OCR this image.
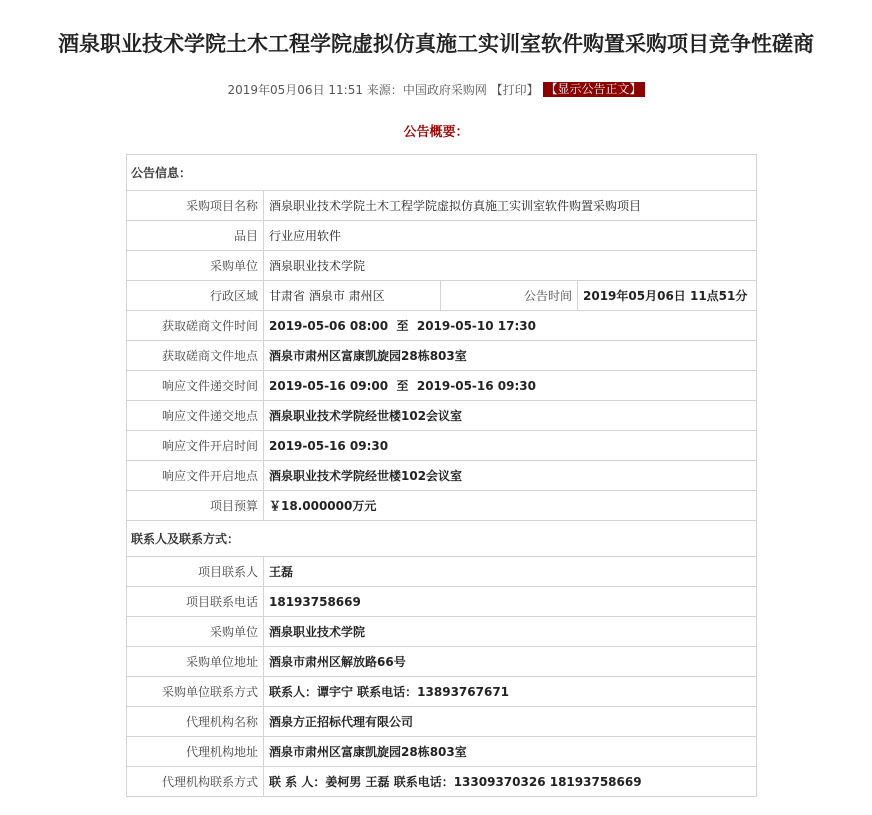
酒泉职业技术学院土木工程学院虚拟仿真施工实训室软件购置采购项目竞争性磋商
2019年05月06日 11:51 来源：中国政府采购网 【打印】 【显示公告正文】
公告概要：
公告信息：			
采购项目名称	酒泉职业技术学院土木工程学院虚拟仿真施工实训室软件购置采购项目		
品目	行业应用软件		
采购单位	酒泉职业技术学院		
行政区域	甘肃省 酒泉市 肃州区	公告时间	2019年05月06日 11点51分
获取磋商文件时间	2019-05-06 08:00  至  2019-05-10 17:30		
获取磋商文件地点	酒泉市肃州区富康凯旋园28栋803室		
响应文件递交时间	2019-05-16 09:00  至  2019-05-16 09:30		
响应文件递交地点	酒泉职业技术学院经世楼102会议室		
响应文件开启时间	2019-05-16 09:30		
响应文件开启地点	酒泉职业技术学院经世楼102会议室		
项目预算	￥18.000000万元		
联系人及联系方式：			
项目联系人	王磊		
项目联系电话	18193758669		
采购单位	酒泉职业技术学院		
采购单位地址	酒泉市肃州区解放路66号		
采购单位联系方式	联系人：谭宇宁 联系电话：13893767671		
代理机构名称	酒泉方正招标代理有限公司		
代理机构地址	酒泉市肃州区富康凯旋园28栋803室		
代理机构联系方式	联 系 人：姜柯男 王磊 联系电话：13309370326 18193758669		
